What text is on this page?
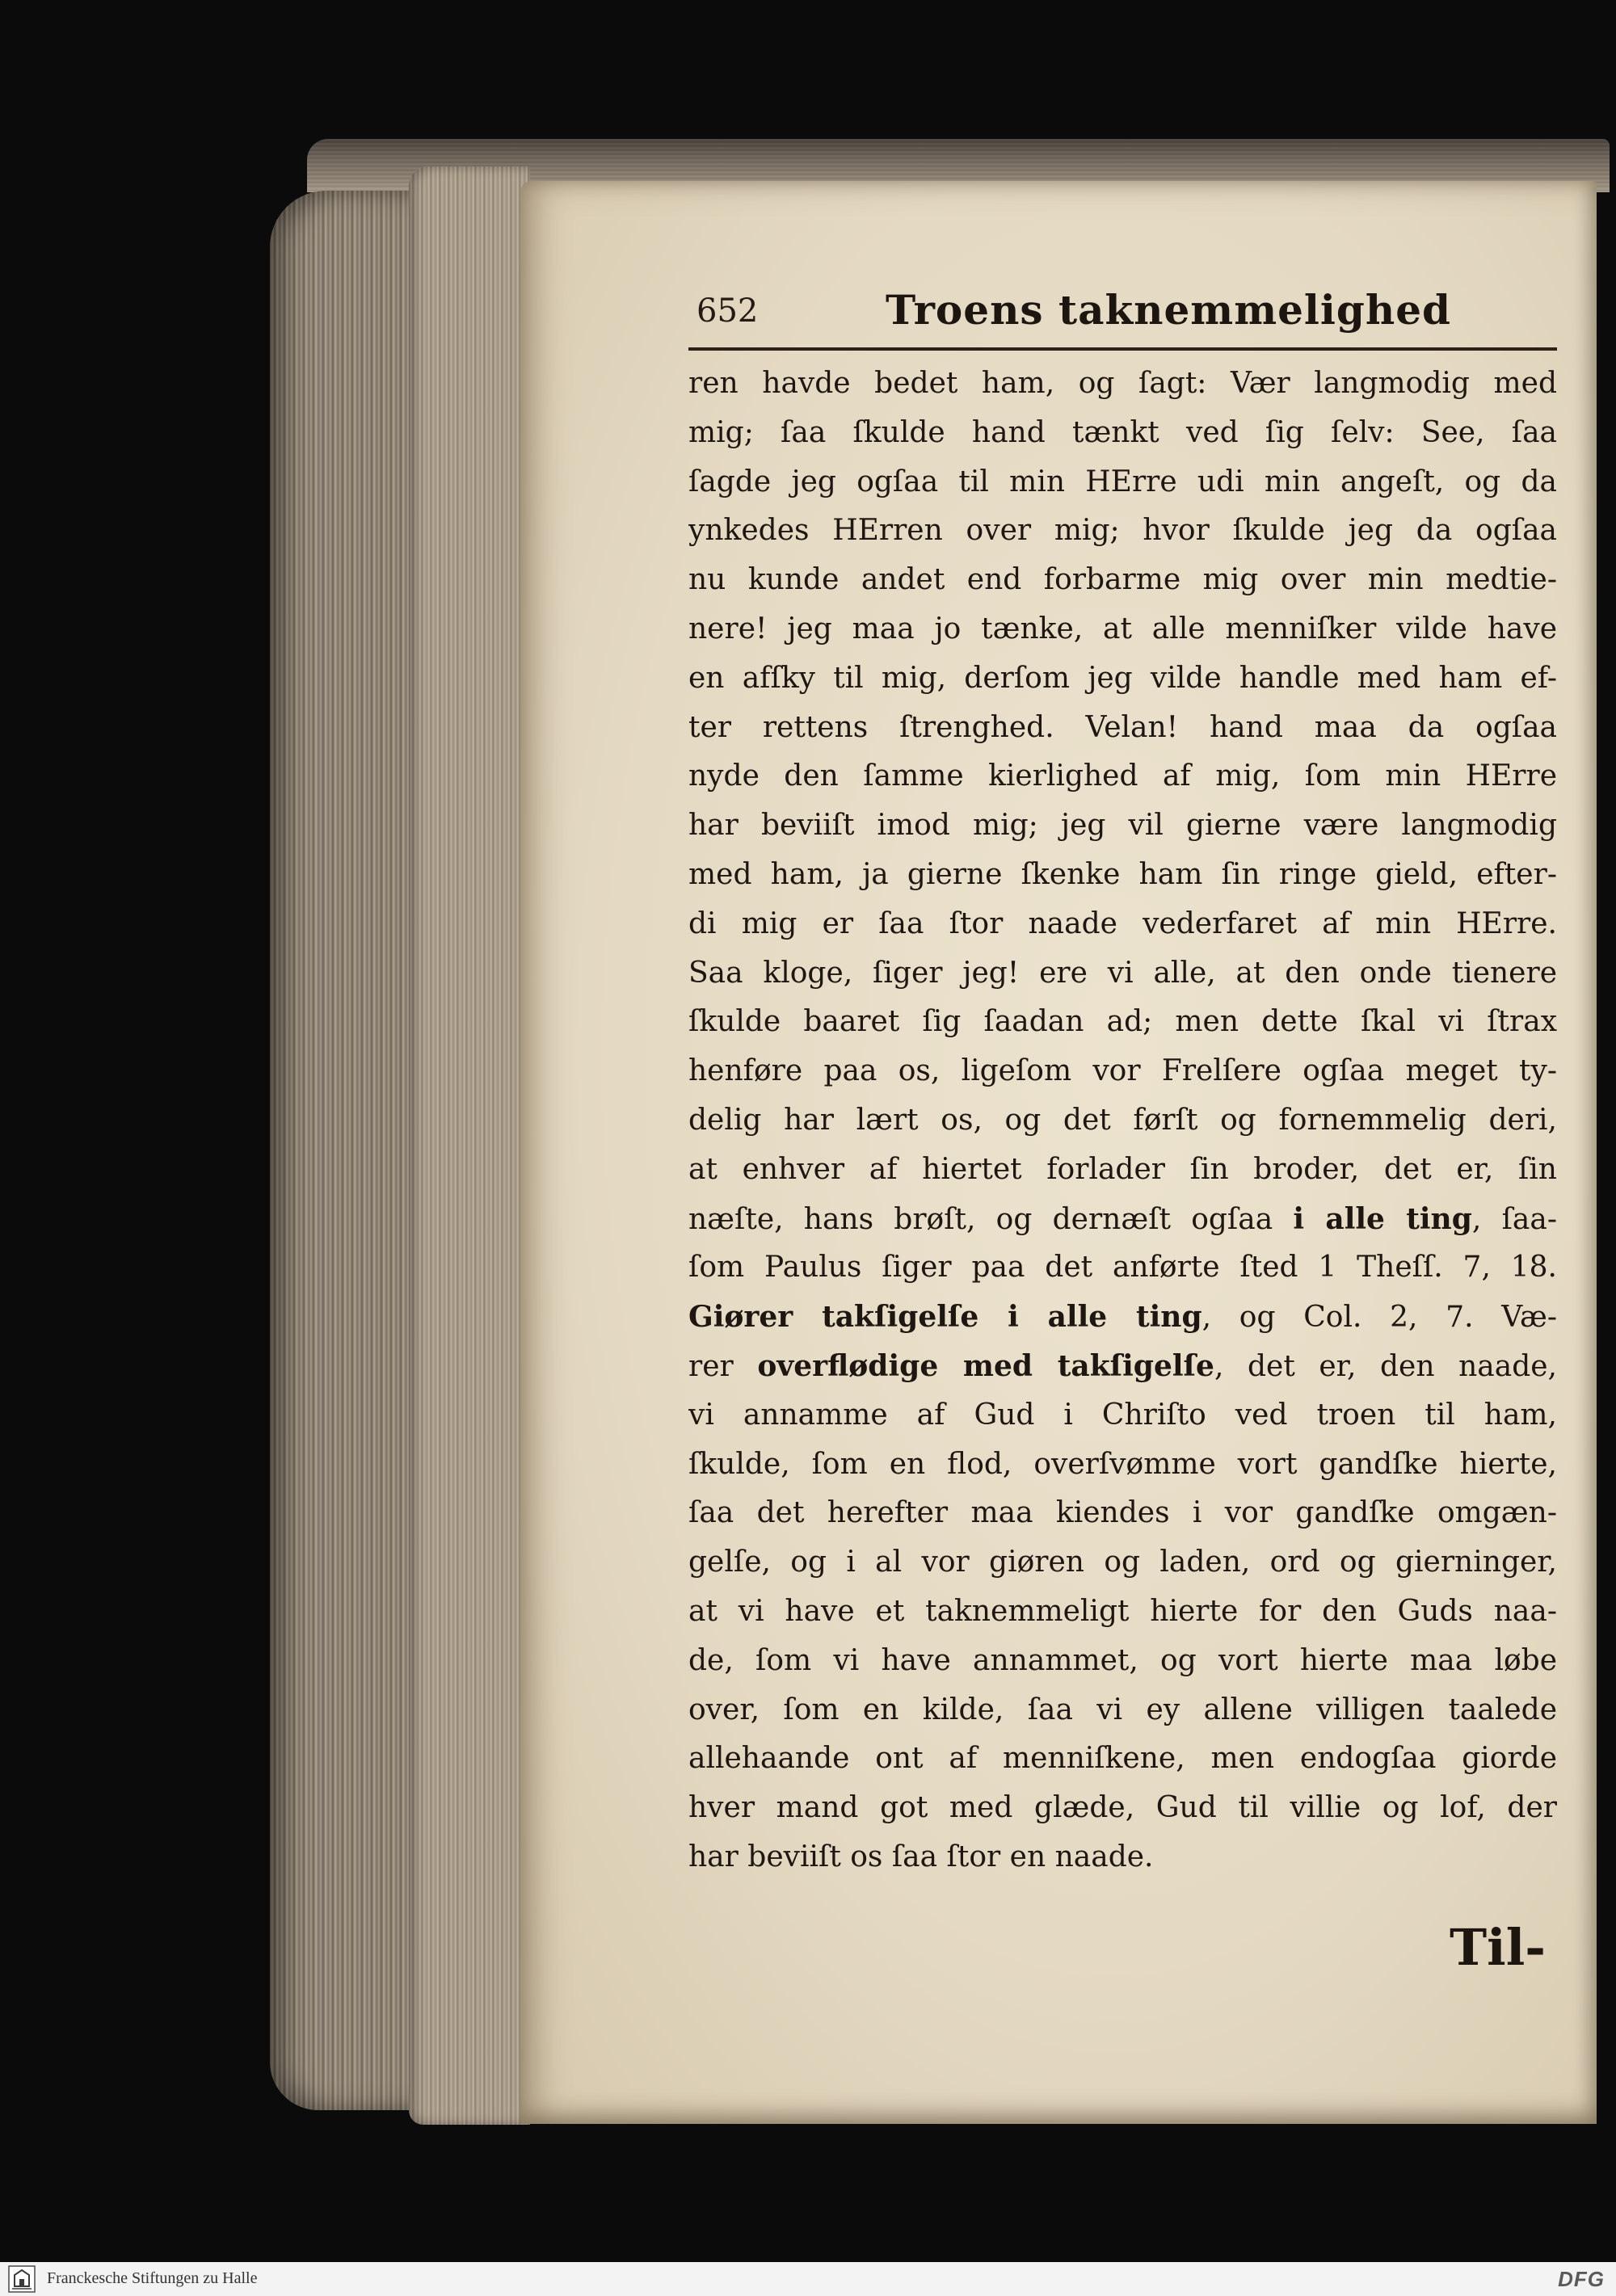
652	Troens taknemmelighed
ren havde bedet ham, og ſagt: Vær langmodig med
mig; ſaa ſkulde hand tænkt ved ſig ſelv: See, ſaa
ſagde jeg ogſaa til min HErre udi min angeſt, og da
ynkedes HErren over mig; hvor ſkulde jeg da ogſaa
nu kunde andet end forbarme mig over min medtie-
nere! jeg maa jo tænke, at alle menniſker vilde have
en afſky til mig, derſom jeg vilde handle med ham ef-
ter rettens ſtrenghed. Velan! hand maa da ogſaa
nyde den ſamme kierlighed af mig, ſom min HErre
har beviiſt imod mig; jeg vil gierne være langmodig
med ham, ja gierne ſkenke ham ſin ringe gield, efter-
di mig er ſaa ſtor naade vederfaret af min HErre.
Saa kloge, ſiger jeg! ere vi alle, at den onde tienere
ſkulde baaret ſig ſaadan ad; men dette ſkal vi ſtrax
henføre paa os, ligeſom vor Frelſere ogſaa meget ty-
delig har lært os, og det førſt og fornemmelig deri,
at enhver af hiertet forlader ſin broder, det er, ſin
næſte, hans brøſt, og dernæſt ogſaa i alle ting, ſaa-
ſom Paulus ſiger paa det anførte ſted 1 Theſſ. 7, 18.
Giører takſigelſe i alle ting, og Col. 2, 7. Væ-
rer overflødige med takſigelſe, det er, den naade,
vi annamme af Gud i Chriſto ved troen til ham,
ſkulde, ſom en flod, overſvømme vort gandſke hierte,
ſaa det herefter maa kiendes i vor gandſke omgæn-
gelſe, og i al vor giøren og laden, ord og gierninger,
at vi have et taknemmeligt hierte for den Guds naa-
de, ſom vi have annammet, og vort hierte maa løbe
over, ſom en kilde, ſaa vi ey allene villigen taalede
allehaande ont af menniſkene, men endogſaa giorde
hver mand got med glæde, Gud til villie og lof, der
har beviiſt os ſaa ſtor en naade.
Til-
Franckesche Stiftungen zu Halle	DFG
